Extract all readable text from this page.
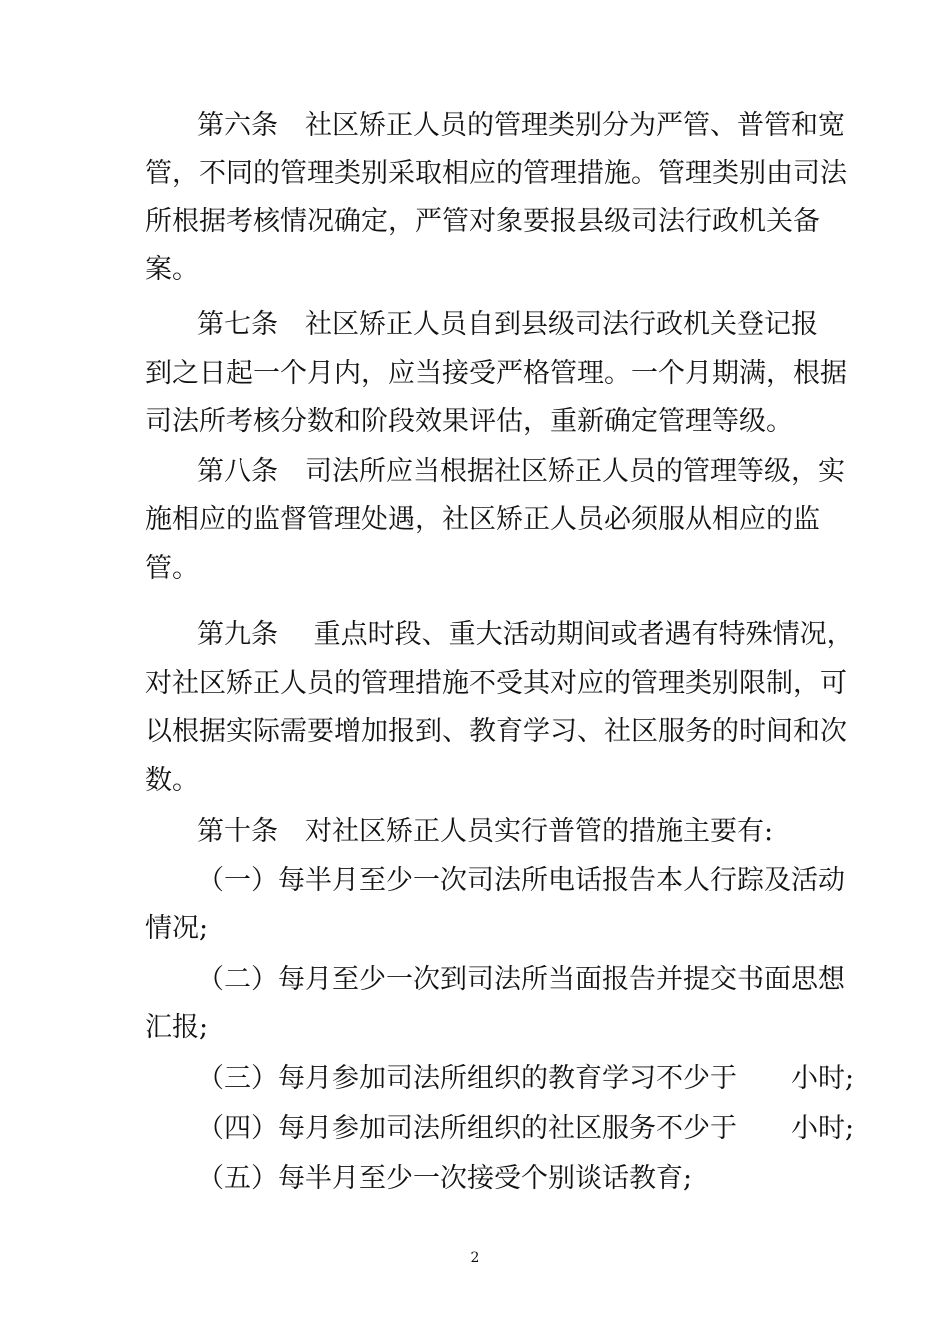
第六条　社区矫正人员的管理类别分为严管、普管和宽
管，不同的管理类别采取相应的管理措施。管理类别由司法
所根据考核情况确定，严管对象要报县级司法行政机关备
案。
第七条　社区矫正人员自到县级司法行政机关登记报
到之日起一个月内，应当接受严格管理。一个月期满，根据
司法所考核分数和阶段效果评估，重新确定管理等级。
第八条　司法所应当根据社区矫正人员的管理等级，实
施相应的监督管理处遇，社区矫正人员必须服从相应的监
管。
第九条　 重点时段、重大活动期间或者遇有特殊情况，
对社区矫正人员的管理措施不受其对应的管理类别限制，可
以根据实际需要增加报到、教育学习、社区服务的时间和次
数。
第十条　对社区矫正人员实行普管的措施主要有:
（一）每半月至少一次司法所电话报告本人行踪及活动
情况;
（二）每月至少一次到司法所当面报告并提交书面思想
汇报;
（三）每月参加司法所组织的教育学习不少于　　小时;
（四）每月参加司法所组织的社区服务不少于　　小时;
（五）每半月至少一次接受个别谈话教育;
2
